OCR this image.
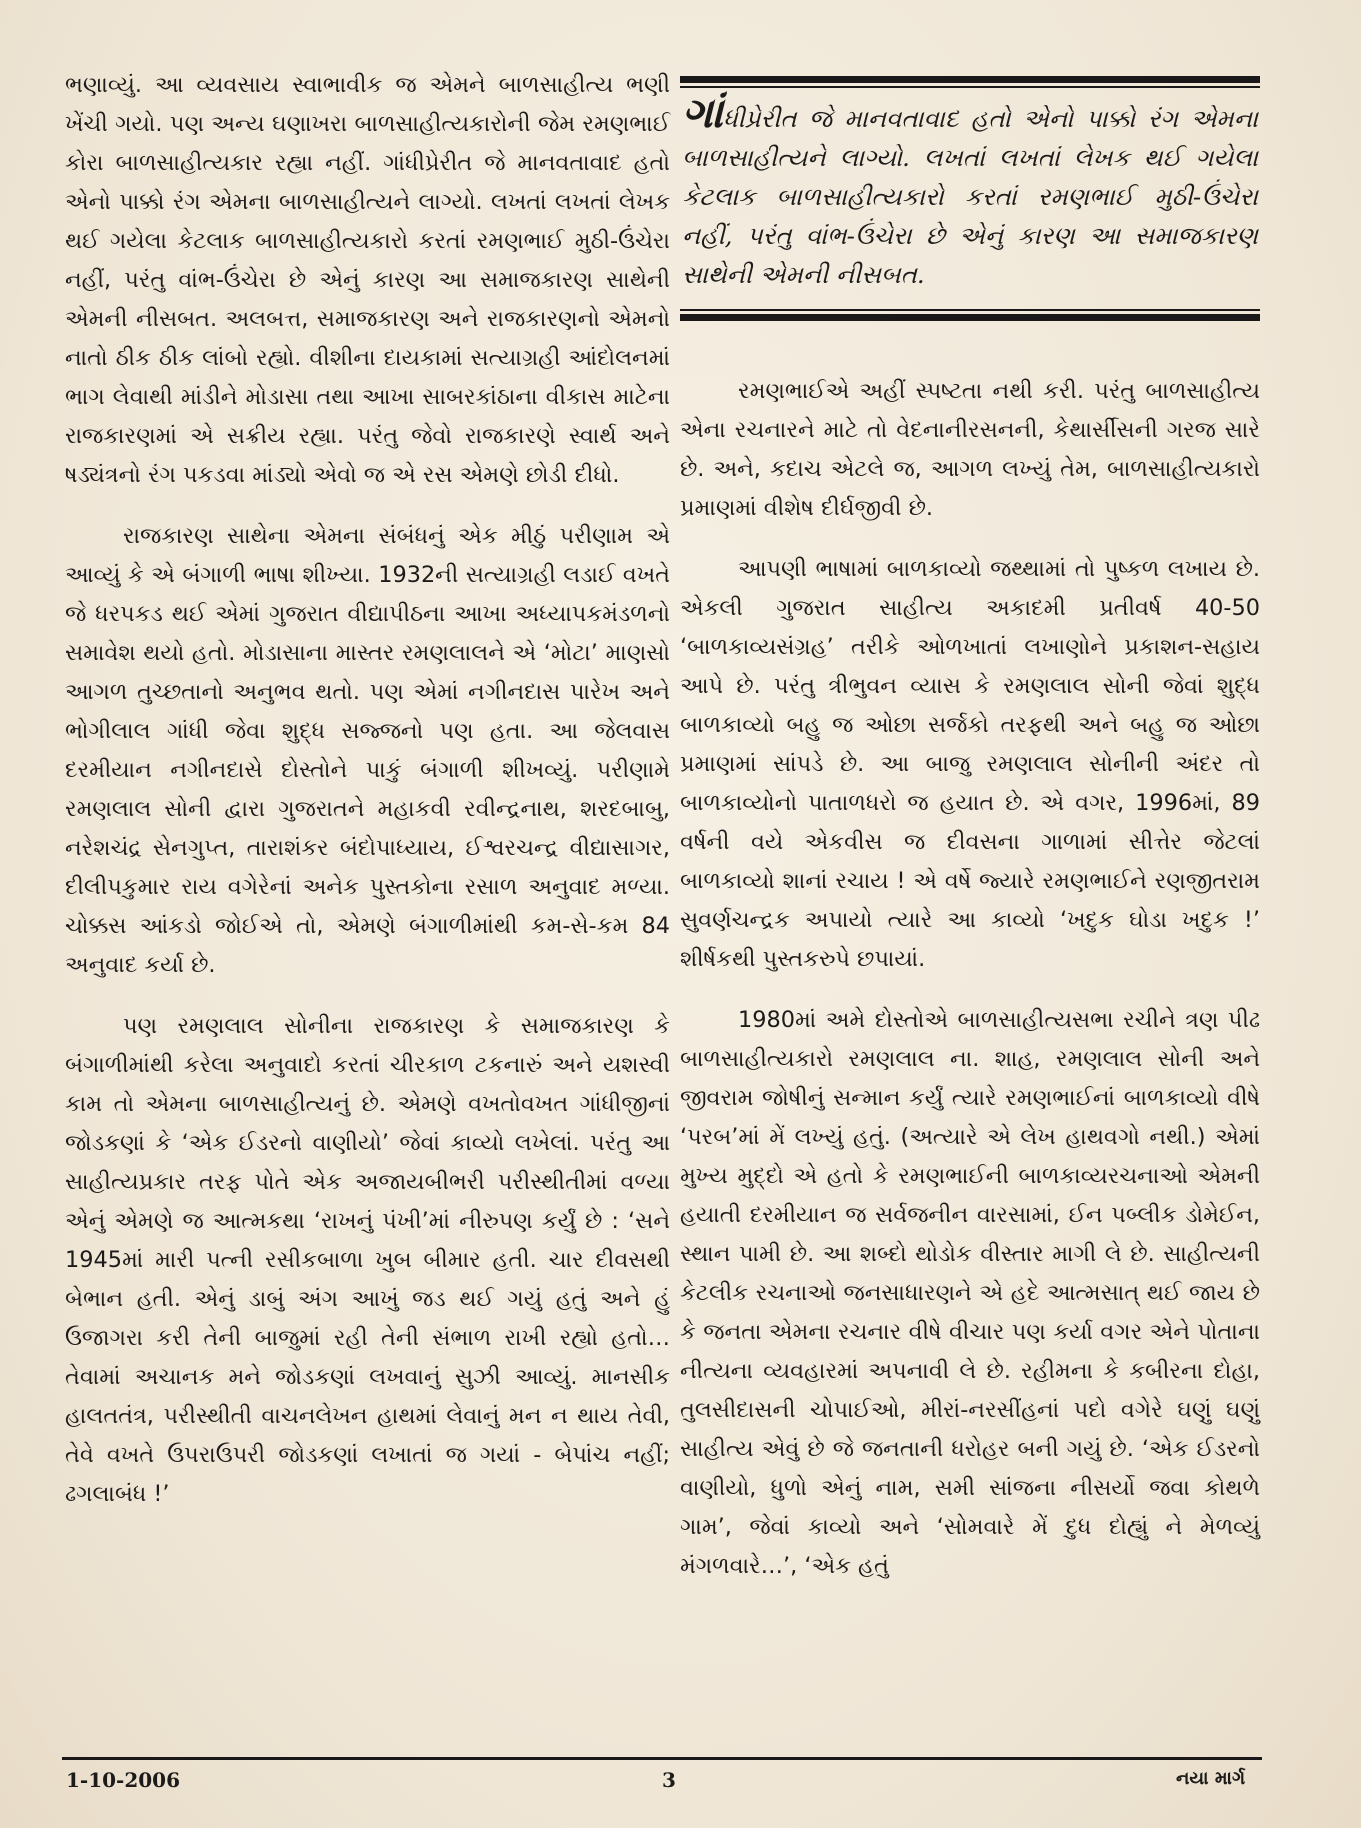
ભણાવ્યું. આ વ્યવસાય સ્વાભાવીક જ એમને બાળસાહીત્ય ભણી ખેંચી ગયો. પણ અન્ય ઘણાખરા બાળસાહીત્યકારોની જેમ રમણભાઈ કોરા બાળસાહીત્યકાર રહ્યા નહીં. ગાંધીપ્રેરીત જે માનવતાવાદ હતો એનો પાક્કો રંગ એમના બાળસાહીત્યને લાગ્યો. લખતાં લખતાં લેખક થઈ ગયેલા કેટલાક બાળસાહીત્યકારો કરતાં રમણભાઈ મુઠી-ઉંચેરા નહીં, પરંતુ વાંભ-ઉંચેરા છે એનું કારણ આ સમાજકારણ સાથેની એમની નીસબત. અલબત્ત, સમાજકારણ અને રાજકારણનો એમનો નાતો ઠીક ઠીક લાંબો રહ્યો. વીશીના દાયકામાં સત્યાગ્રહી આંદોલનમાં ભાગ લેવાથી માંડીને મોડાસા તથા આખા સાબરકાંઠાના વીકાસ માટેના રાજકારણમાં એ સક્રીય રહ્યા. પરંતુ જેવો રાજકારણે સ્વાર્થ અને ષડ્યંત્રનો રંગ પકડવા માંડ્યો એવો જ એ રસ એમણે છોડી દીધો.

રાજકારણ સાથેના એમના સંબંધનું એક મીઠું પરીણામ એ આવ્યું કે એ બંગાળી ભાષા શીખ્યા. 1932ની સત્યાગ્રહી લડાઈ વખતે જે ધરપકડ થઈ એમાં ગુજરાત વીદ્યાપીઠના આખા અધ્યાપકમંડળનો સમાવેશ થયો હતો. મોડાસાના માસ્તર રમણલાલને એ ‘મોટા’ માણસો આગળ તુચ્છતાનો અનુભવ થતો. પણ એમાં નગીનદાસ પારેખ અને ભોગીલાલ ગાંધી જેવા શુદ્ધ સજ્જનો પણ હતા. આ જેલવાસ દરમીયાન નગીનદાસે દોસ્તોને પાકું બંગાળી શીખવ્યું. પરીણામે રમણલાલ સોની દ્વારા ગુજરાતને મહાકવી રવીન્દ્રનાથ, શરદબાબુ, નરેશચંદ્ર સેનગુપ્ત, તારાશંકર બંદોપાધ્યાય, ઈશ્વરચન્દ્ર વીદ્યાસાગર, દીલીપકુમાર રાય વગેરેનાં અનેક પુસ્તકોના રસાળ અનુવાદ મળ્યા. ચોક્કસ આંકડો જોઈએ તો, એમણે બંગાળીમાંથી કમ-સે-કમ 84 અનુવાદ કર્યા છે.

પણ રમણલાલ સોનીના રાજકારણ કે સમાજકારણ કે બંગાળીમાંથી કરેલા અનુવાદો કરતાં ચીરકાળ ટકનારું અને યશસ્વી કામ તો એમના બાળસાહીત્યનું છે. એમણે વખતોવખત ગાંધીજીનાં જોડકણાં કે ‘એક ઈડરનો વાણીયો’ જેવાં કાવ્યો લખેલાં. પરંતુ આ સાહીત્યપ્રકાર તરફ પોતે એક અજાયબીભરી પરીસ્થીતીમાં વળ્યા એનું એમણે જ આત્મકથા ‘રાખનું પંખી’માં નીરુપણ કર્યું છે : ‘સને 1945માં મારી પત્ની રસીકબાળા ખુબ બીમાર હતી. ચાર દીવસથી બેભાન હતી. એનું ડાબું અંગ આખું જડ થઈ ગયું હતું અને હું ઉજાગરા કરી તેની બાજુમાં રહી તેની સંભાળ રાખી રહ્યો હતો… તેવામાં અચાનક મને જોડકણાં લખવાનું સુઝી આવ્યું. માનસીક હાલતતંત્ર, પરીસ્થીતી વાચનલેખન હાથમાં લેવાનું મન ન થાય તેવી, તેવે વખતે ઉપરાઉપરી જોડકણાં લખાતાં જ ગયાં - બેપાંચ નહીં; ઢગલાબંધ !’

ગાંધીપ્રેરીત જે માનવતાવાદ હતો એનો પાક્કો રંગ એમના બાળસાહીત્યને લાગ્યો. લખતાં લખતાં લેખક થઈ ગયેલા કેટલાક બાળસાહીત્યકારો કરતાં રમણભાઈ મુઠી-ઉંચેરા નહીં, પરંતુ વાંભ-ઉંચેરા છે એનું કારણ આ સમાજકારણ સાથેની એમની નીસબત.

રમણભાઈએ અહીં સ્પષ્ટતા નથી કરી. પરંતુ બાળસાહીત્ય એના રચનારને માટે તો વેદનાનીરસનની, કેથાર્સીસની ગરજ સારે છે. અને, કદાચ એટલે જ, આગળ લખ્યું તેમ, બાળસાહીત્યકારો પ્રમાણમાં વીશેષ દીર્ઘજીવી છે.

આપણી ભાષામાં બાળકાવ્યો જથ્થામાં તો પુષ્કળ લખાય છે. એકલી ગુજરાત સાહીત્ય અકાદમી પ્રતીવર્ષ 40-50 ‘બાળકાવ્યસંગ્રહ’ તરીકે ઓળખાતાં લખાણોને પ્રકાશન-સહાય આપે છે. પરંતુ ત્રીભુવન વ્યાસ કે રમણલાલ સોની જેવાં શુદ્ધ બાળકાવ્યો બહુ જ ઓછા સર્જકો તરફથી અને બહુ જ ઓછા પ્રમાણમાં સાંપડે છે. આ બાજુ રમણલાલ સોનીની અંદર તો બાળકાવ્યોનો પાતાળધરો જ હયાત છે. એ વગર, 1996માં, 89 વર્ષની વયે એકવીસ જ દીવસના ગાળામાં સીત્તેર જેટલાં બાળકાવ્યો શાનાં રચાય ! એ વર્ષે જ્યારે રમણભાઈને રણજીતરામ સુવર્ણચન્દ્રક અપાયો ત્યારે આ કાવ્યો ‘ખદુક ઘોડા ખદુક !’ શીર્ષકથી પુસ્તકરુપે છપાયાં.

1980માં અમે દોસ્તોએ બાળસાહીત્યસભા રચીને ત્રણ પીઢ બાળસાહીત્યકારો રમણલાલ ના. શાહ, રમણલાલ સોની અને જીવરામ જોષીનું સન્માન કર્યું ત્યારે રમણભાઈનાં બાળકાવ્યો વીષે ‘પરબ’માં મેં લખ્યું હતું. (અત્યારે એ લેખ હાથવગો નથી.) એમાં મુખ્ય મુદ્દો એ હતો કે રમણભાઈની બાળકાવ્યરચનાઓ એમની હયાતી દરમીયાન જ સર્વજનીન વારસામાં, ઈન પબ્લીક ડોમેઈન, સ્થાન પામી છે. આ શબ્દો થોડોક વીસ્તાર માગી લે છે. સાહીત્યની કેટલીક રચનાઓ જનસાધારણને એ હદે આત્મસાત્ થઈ જાય છે કે જનતા એમના રચનાર વીષે વીચાર પણ કર્યા વગર એને પોતાના નીત્યના વ્યવહારમાં અપનાવી લે છે. રહીમના કે કબીરના દોહા, તુલસીદાસની ચોપાઈઓ, મીરાં-નરસીંહનાં પદો વગેરે ઘણું ઘણું સાહીત્ય એવું છે જે જનતાની ધરોહર બની ગયું છે. ‘એક ઈડરનો વાણીયો, ધુળો એનું નામ, સમી સાંજના નીસર્યો જવા કોથળે ગામ’, જેવાં કાવ્યો અને ‘સોમવારે મેં દુધ દોહ્યું ને મેળવ્યું મંગળવારે…’, ‘એક હતું

1-10-2006	3	નયા માર્ગ
